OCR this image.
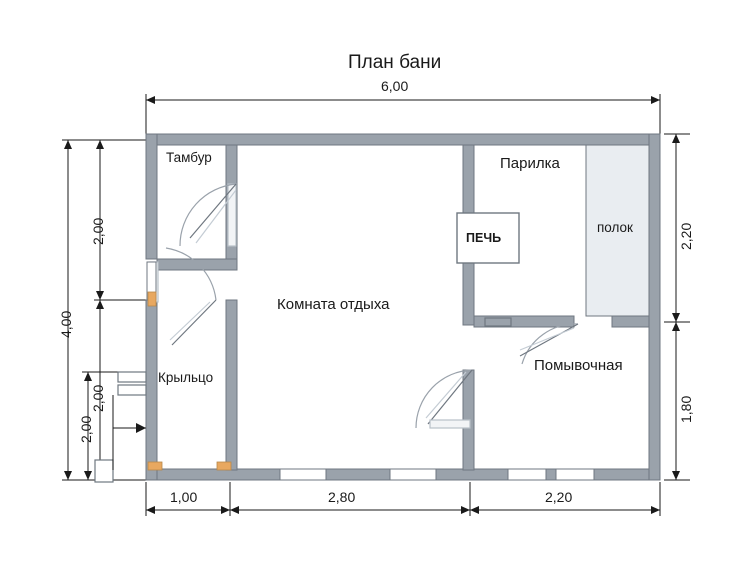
План бани
6,00
1,00	2,80	2,20
2,00
2,00
4,00
2,00
2,20
1,80
Тамбур
Комната отдыха
Парилка
полок
Помывочная
Крыльцо
ПЕЧЬ
